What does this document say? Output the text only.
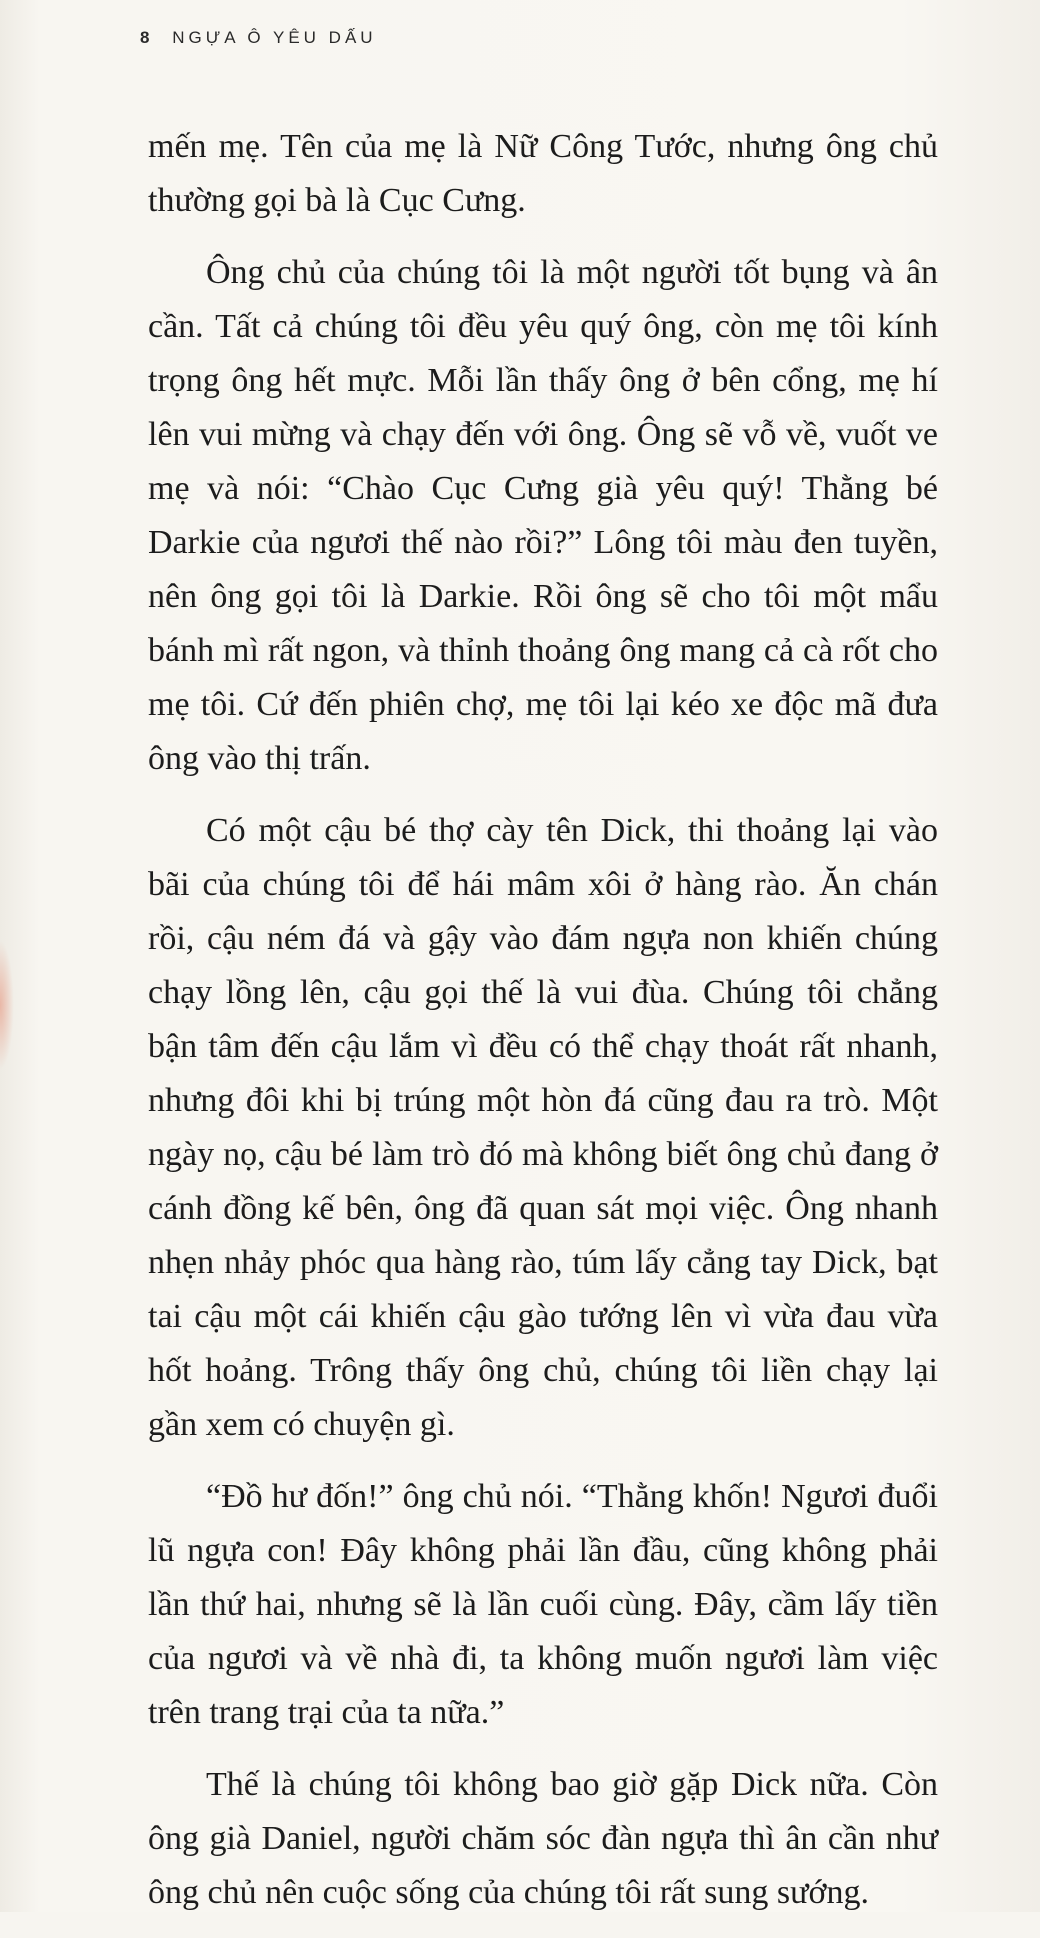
8 NGỰA Ô YÊU DẤU

mến mẹ. Tên của mẹ là Nữ Công Tước, nhưng ông chủ thường gọi bà là Cục Cưng.

Ông chủ của chúng tôi là một người tốt bụng và ân cần. Tất cả chúng tôi đều yêu quý ông, còn mẹ tôi kính trọng ông hết mực. Mỗi lần thấy ông ở bên cổng, mẹ hí lên vui mừng và chạy đến với ông. Ông sẽ vỗ về, vuốt ve mẹ và nói: “Chào Cục Cưng già yêu quý! Thằng bé Darkie của ngươi thế nào rồi?” Lông tôi màu đen tuyền, nên ông gọi tôi là Darkie. Rồi ông sẽ cho tôi một mẩu bánh mì rất ngon, và thỉnh thoảng ông mang cả cà rốt cho mẹ tôi. Cứ đến phiên chợ, mẹ tôi lại kéo xe độc mã đưa ông vào thị trấn.

Có một cậu bé thợ cày tên Dick, thi thoảng lại vào bãi của chúng tôi để hái mâm xôi ở hàng rào. Ăn chán rồi, cậu ném đá và gậy vào đám ngựa non khiến chúng chạy lồng lên, cậu gọi thế là vui đùa. Chúng tôi chẳng bận tâm đến cậu lắm vì đều có thể chạy thoát rất nhanh, nhưng đôi khi bị trúng một hòn đá cũng đau ra trò. Một ngày nọ, cậu bé làm trò đó mà không biết ông chủ đang ở cánh đồng kế bên, ông đã quan sát mọi việc. Ông nhanh nhẹn nhảy phóc qua hàng rào, túm lấy cẳng tay Dick, bạt tai cậu một cái khiến cậu gào tướng lên vì vừa đau vừa hốt hoảng. Trông thấy ông chủ, chúng tôi liền chạy lại gần xem có chuyện gì.

“Đồ hư đốn!” ông chủ nói. “Thằng khốn! Ngươi đuổi lũ ngựa con! Đây không phải lần đầu, cũng không phải lần thứ hai, nhưng sẽ là lần cuối cùng. Đây, cầm lấy tiền của ngươi và về nhà đi, ta không muốn ngươi làm việc trên trang trại của ta nữa.”

Thế là chúng tôi không bao giờ gặp Dick nữa. Còn ông già Daniel, người chăm sóc đàn ngựa thì ân cần như ông chủ nên cuộc sống của chúng tôi rất sung sướng.
